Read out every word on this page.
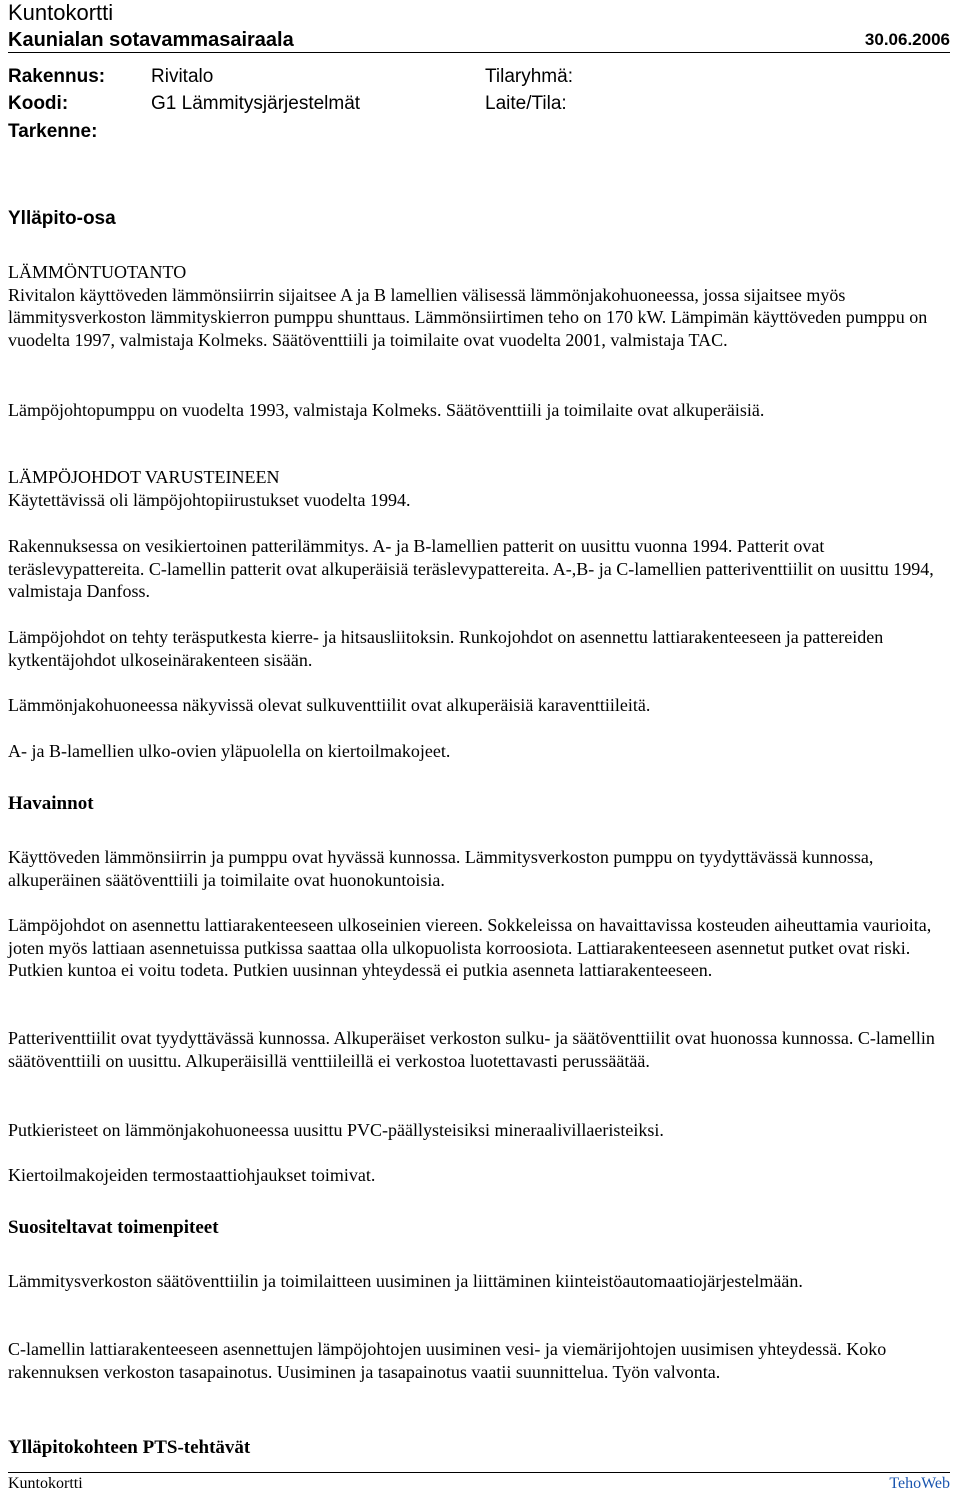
Kuntokortti
Kaunialan sotavammasairaala	30.06.2006
Rakennus: Rivitalo	Tilaryhmä:
Koodi:	G1 Lämmitysjärjestelmät	Laite/Tila:
Tarkenne:
Ylläpito-osa

LÄMMÖNTUOTANTO

Rivitalon käyttöveden lämmönsiirrin sijaitsee A ja B lamellien välisessä lämmönjakohuoneessa, jossa sijaitsee myös lämmitysverkoston lämmityskierron pumppu shunttaus. Lämmönsiirtimen teho on 170 kW. Lämpimän käyttöveden pumppu on vuodelta 1997, valmistaja Kolmeks. Säätöventtiili ja toimilaite ovat vuodelta 2001, valmistaja TAC.

Lämpöjohtopumppu on vuodelta 1993, valmistaja Kolmeks. Säätöventtiili ja toimilaite ovat alkuperäisiä.

LÄMPÖJOHDOT VARUSTEINEEN

Käytettävissä oli lämpöjohtopiirustukset vuodelta 1994.

Rakennuksessa on vesikiertoinen patterilämmitys. A- ja B-lamellien patterit on uusittu vuonna 1994. Patterit ovat teräslevypattereita. C-lamellin patterit ovat alkuperäisiä teräslevypattereita. A-,B- ja C-lamellien patteriventtiilit on uusittu 1994, valmistaja Danfoss.

Lämpöjohdot on tehty teräsputkesta kierre- ja hitsausliitoksin. Runkojohdot on asennettu lattiarakenteeseen ja pattereiden kytkentäjohdot ulkoseinärakenteen sisään.

Lämmönjakohuoneessa näkyvissä olevat sulkuventtiilit ovat alkuperäisiä karaventtiileitä.

A- ja B-lamellien ulko-ovien yläpuolella on kiertoilmakojeet.

Havainnot

Käyttöveden lämmönsiirrin ja pumppu ovat hyvässä kunnossa. Lämmitysverkoston pumppu on tyydyttävässä kunnossa, alkuperäinen säätöventtiili ja toimilaite ovat huonokuntoisia.

Lämpöjohdot on asennettu lattiarakenteeseen ulkoseinien viereen. Sokkeleissa on havaittavissa kosteuden aiheuttamia vaurioita, joten myös lattiaan asennetuissa putkissa saattaa olla ulkopuolista korroosiota. Lattiarakenteeseen asennetut putket ovat riski. Putkien kuntoa ei voitu todeta. Putkien uusinnan yhteydessä ei putkia asenneta lattiarakenteeseen.

Patteriventtiilit ovat tyydyttävässä kunnossa. Alkuperäiset verkoston sulku- ja säätöventtiilit ovat huonossa kunnossa. C-lamellin säätöventtiili on uusittu. Alkuperäisillä venttiileillä ei verkostoa luotettavasti perussäätää.

Putkieristeet on lämmönjakohuoneessa uusittu PVC-päällysteisiksi mineraalivillaeristeiksi.

Kiertoilmakojeiden termostaattiohjaukset toimivat.

Suositeltavat toimenpiteet

Lämmitysverkoston säätöventtiilin ja toimilaitteen uusiminen ja liittäminen kiinteistöautomaatiojärjestelmään.

C-lamellin lattiarakenteeseen asennettujen lämpöjohtojen uusiminen vesi- ja viemärijohtojen uusimisen yhteydessä. Koko rakennuksen verkoston tasapainotus. Uusiminen ja tasapainotus vaatii suunnittelua. Työn valvonta.

Ylläpitokohteen PTS-tehtävät
Kuntokortti	TehoWeb
